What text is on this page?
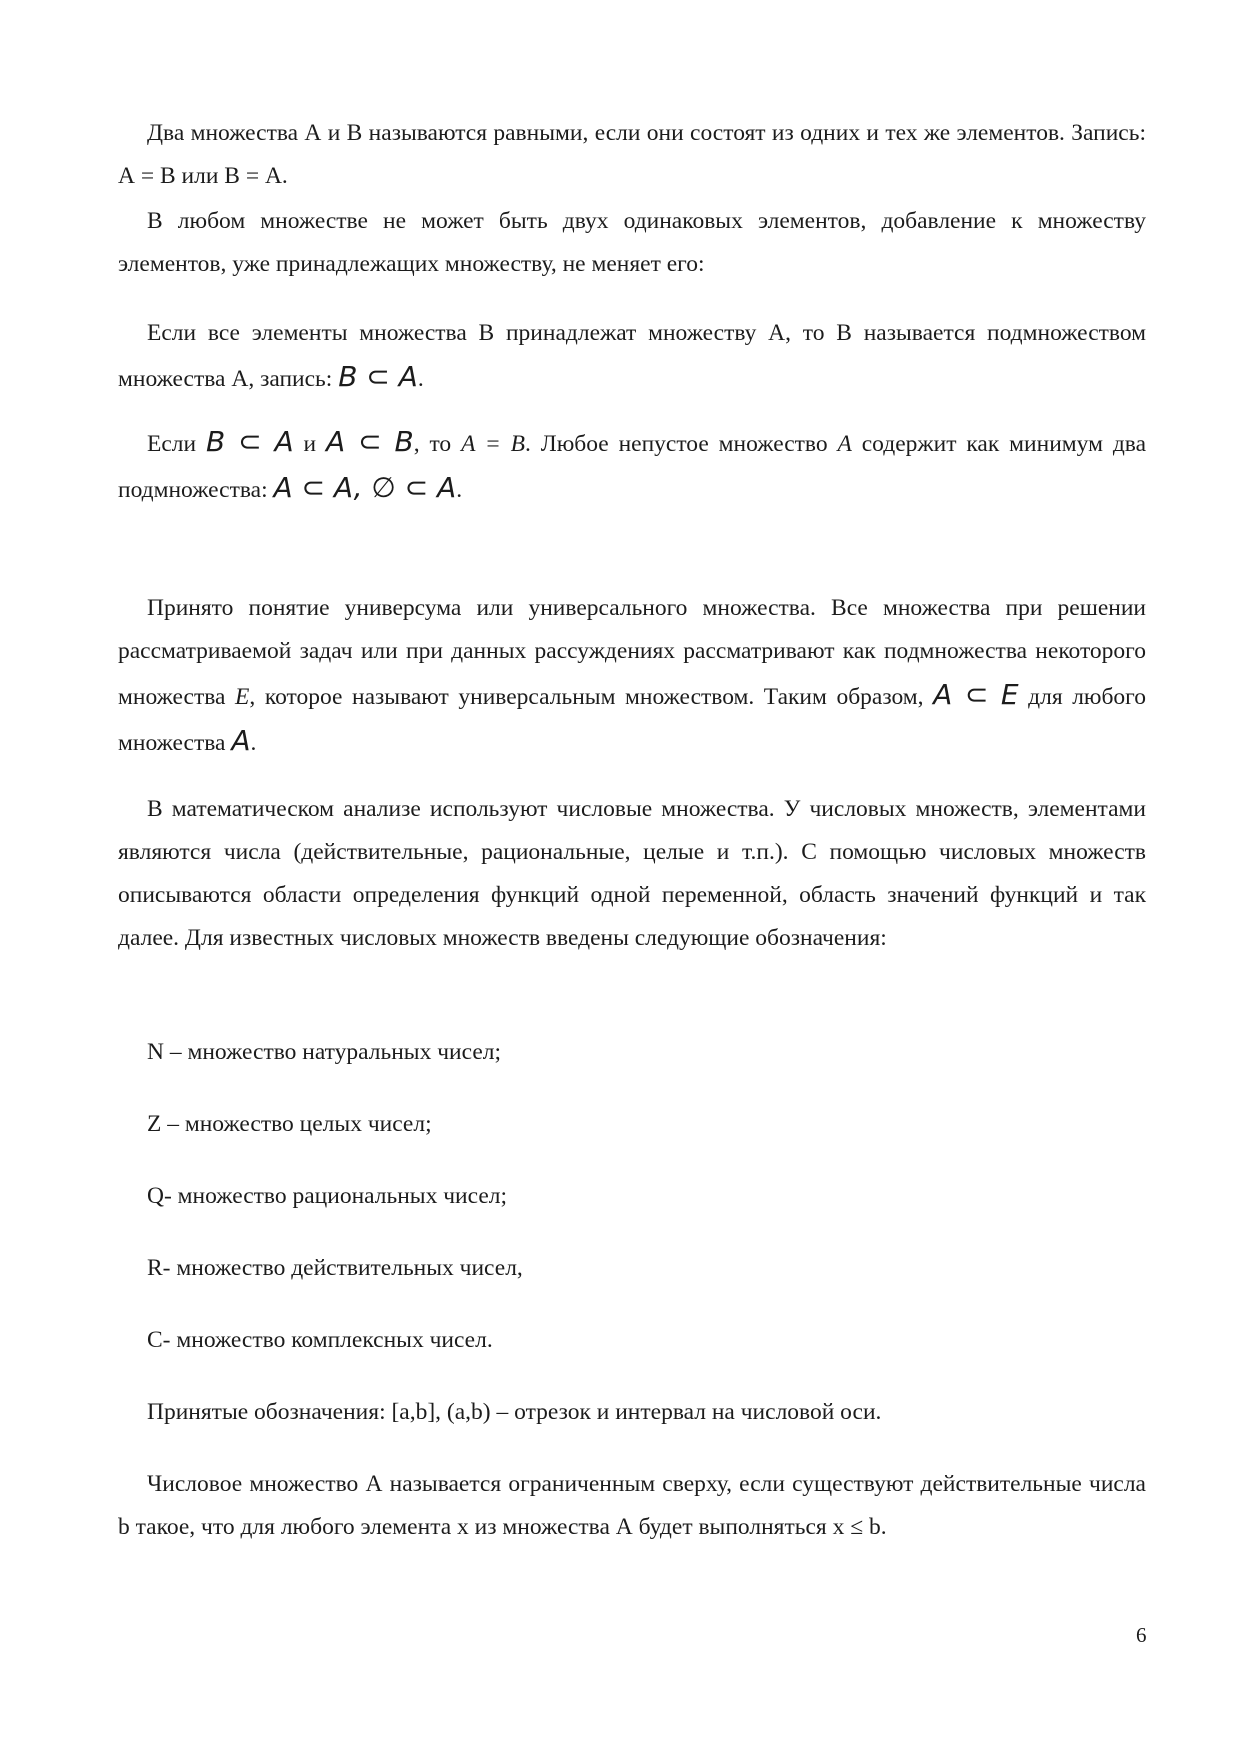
Два множества А и В называются равными, если они состоят из одних и тех же элементов. Запись: А = В или В = А.

В любом множестве не может быть двух одинаковых элементов, добавление к множеству элементов, уже принадлежащих множеству, не меняет его:

Если все элементы множества В принадлежат множеству А, то В называется подмножеством множества А, запись: B ⊂ A.

Если B ⊂ A и A ⊂ B, то A = B. Любое непустое множество A содержит как минимум два подмножества: A ⊂ A, ∅ ⊂ A.

Принято понятие универсума или универсального множества. Все множества при решении рассматриваемой задач или при данных рассуждениях рассматривают как подмножества некоторого множества E, которое называют универсальным множеством. Таким образом, A ⊂ E для любого множества A.

В математическом анализе используют числовые множества. У числовых множеств, элементами являются числа (действительные, рациональные, целые и т.п.). С помощью числовых множеств описываются области определения функций одной переменной, область значений функций и так далее. Для известных числовых множеств введены следующие обозначения:

N – множество натуральных чисел;

Z – множество целых чисел;

Q- множество рациональных чисел;

R- множество действительных чисел,

C- множество комплексных чисел.

Принятые обозначения: [a,b], (a,b) – отрезок и интервал на числовой оси.

Числовое множество А называется ограниченным сверху, если существуют действительные числа b такое, что для любого элемента x из множества А будет выполняться x ≤ b.

6
